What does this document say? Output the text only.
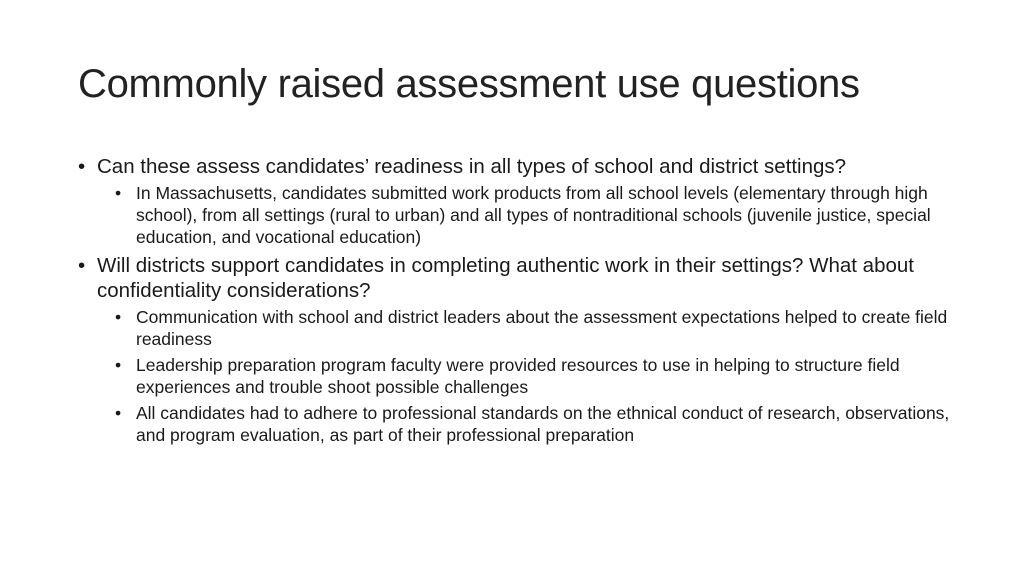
Commonly raised assessment use questions
• Can these assess candidates’ readiness in all types of school and district settings?
• In Massachusetts, candidates submitted work products from all school levels (elementary through high school), from all settings (rural to urban) and all types of nontraditional schools (juvenile justice, special education, and vocational education)
• Will districts support candidates in completing authentic work in their settings? What about confidentiality considerations?
• Communication with school and district leaders about the assessment expectations helped to create field readiness
• Leadership preparation program faculty were provided resources to use in helping to structure field experiences and trouble shoot possible challenges
• All candidates had to adhere to professional standards on the ethnical conduct of research, observations, and program evaluation, as part of their professional preparation
